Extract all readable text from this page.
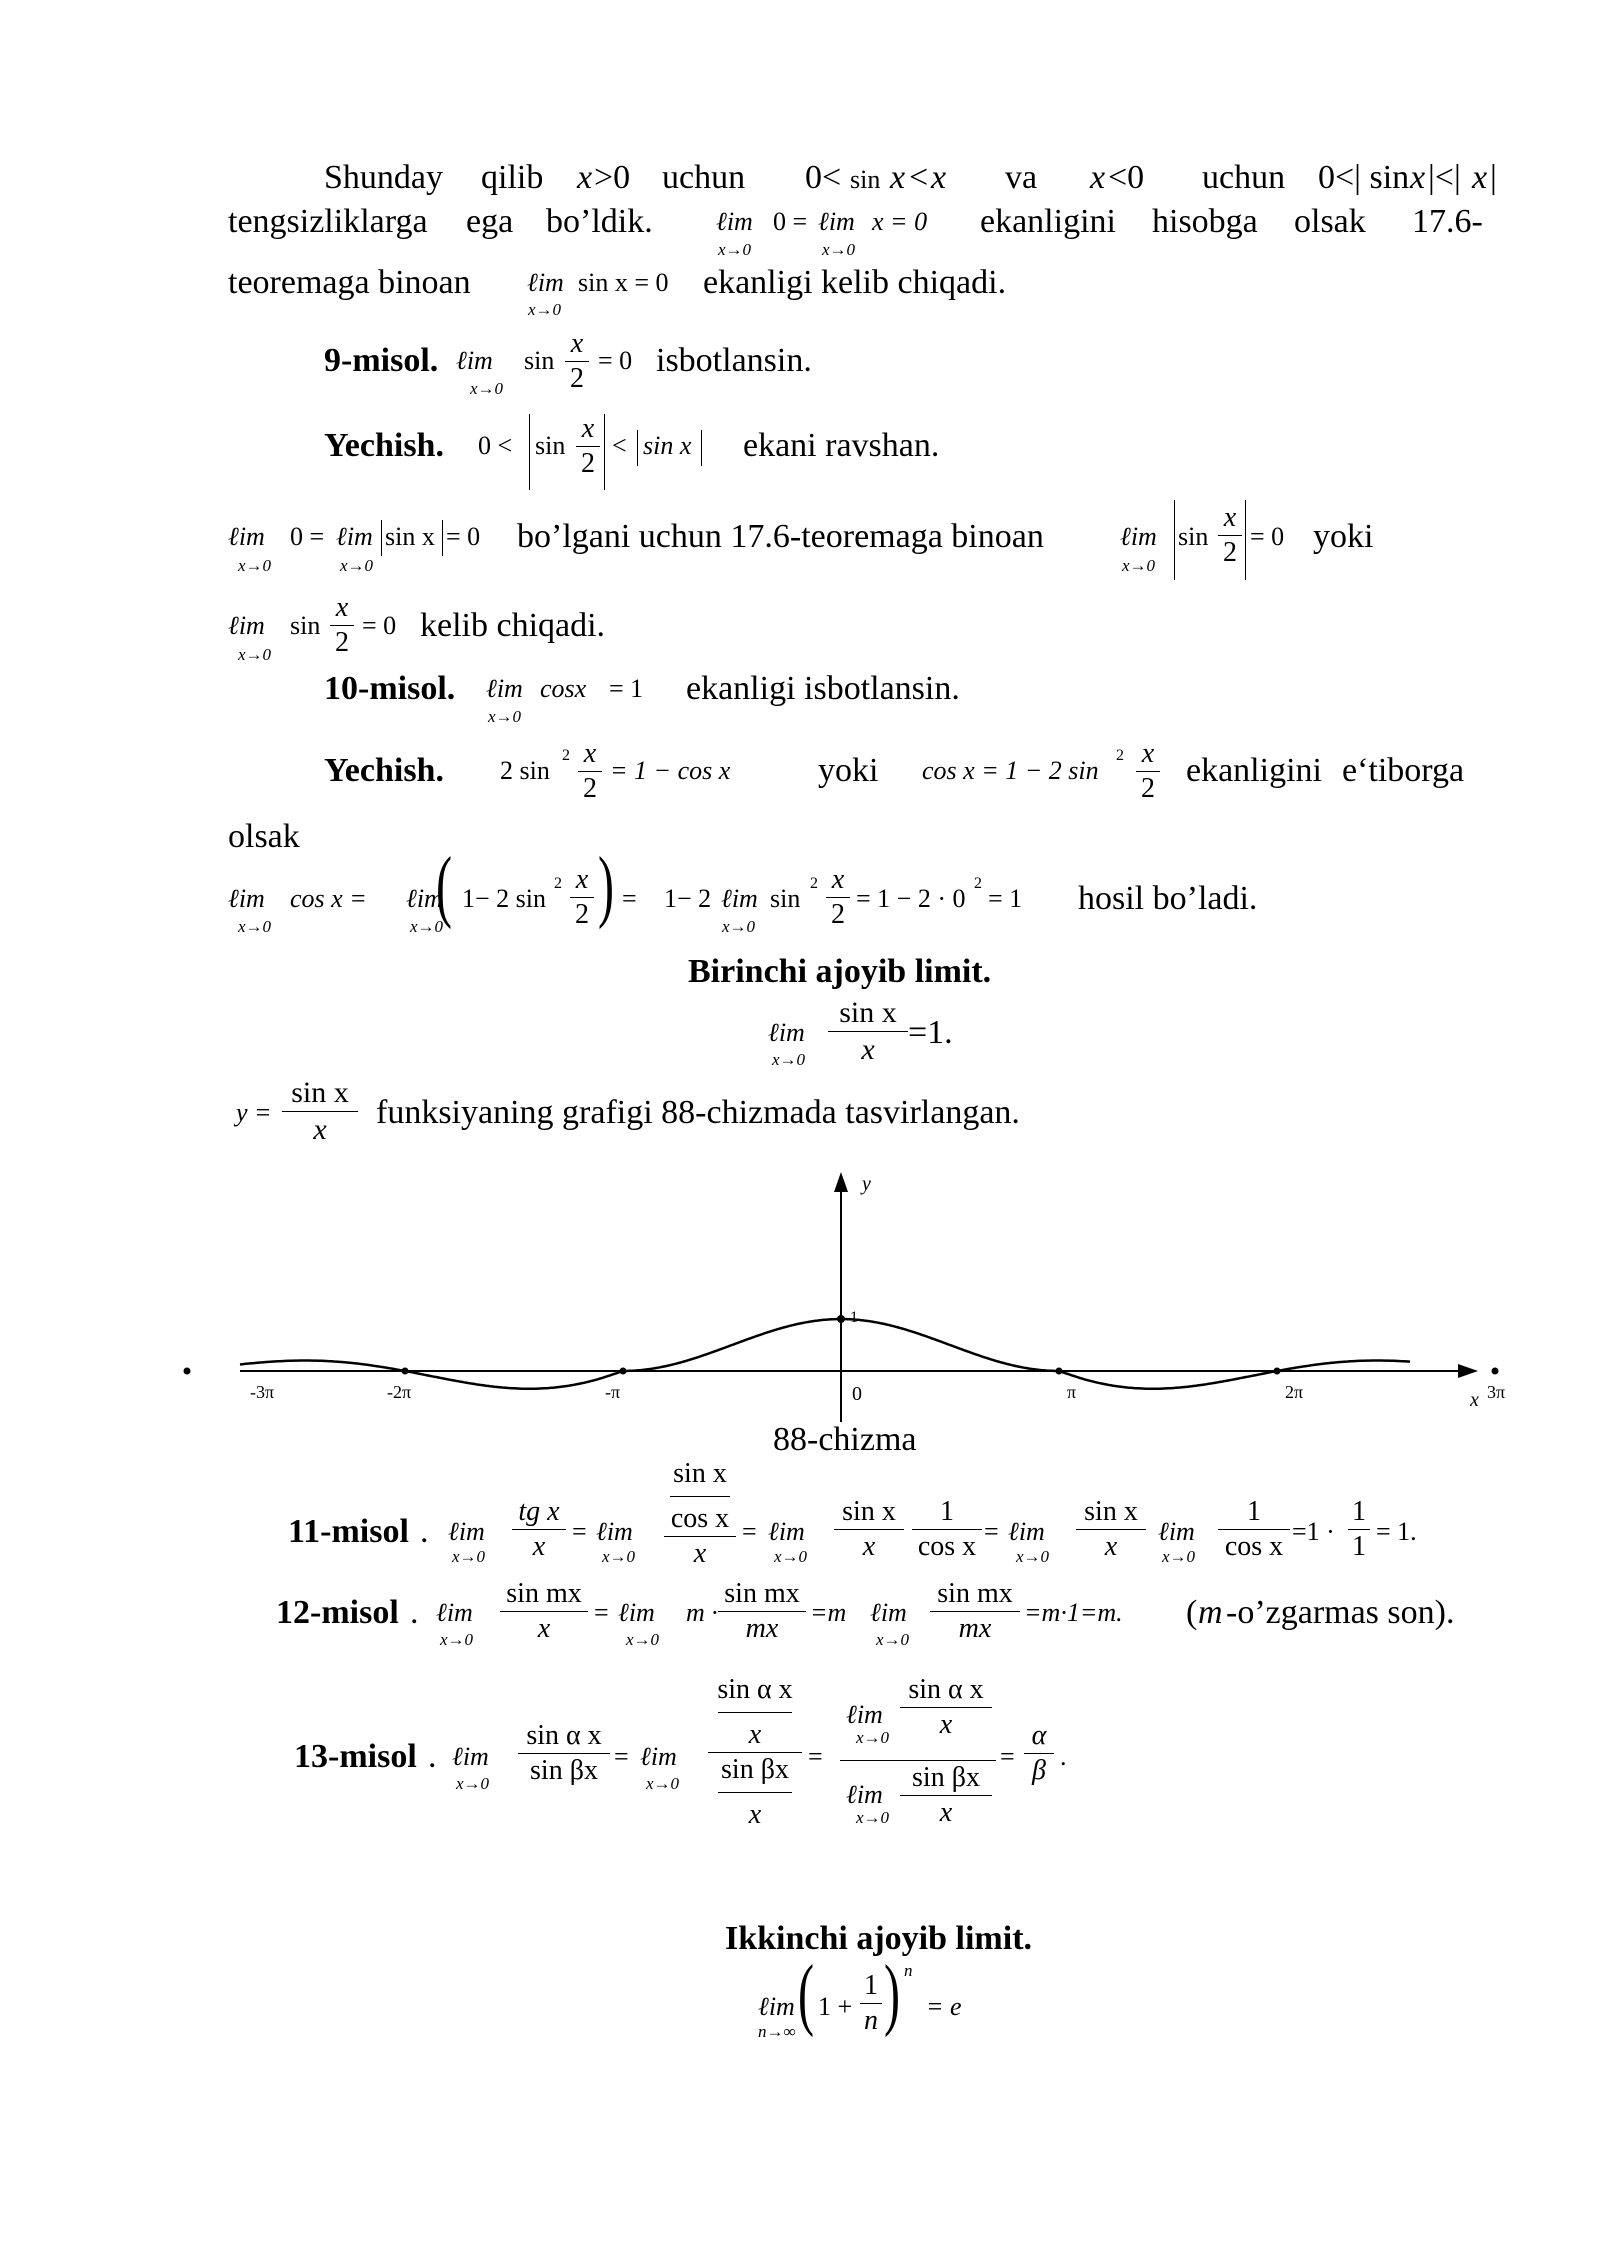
Shunday qilib x >0 uchun 0< sin x < x va x <0 uchun 0<| sin x |<| x |
tengsizliklarga ega bo’ldik. ℓim
x→0
0 = ℓim
x→0
x = 0 ekanligini hisobga olsak 17.6-
teoremaga binoan ℓim
x→0
sin x = 0 ekanligi kelib chiqadi.
9-misol. ℓim
x→0
sin
x
2
= 0 isbotlansin.
Yechish. 0 < sin
x
2
< sin x ekani ravshan.
ℓim
x→0
0 = ℓim
x→0
sin x = 0 bo’lgani uchun 17.6-teoremaga binoan	ℓim
x→0
sin
x
2
= 0 yoki
ℓim
x→0
sin
x
2
= 0 kelib chiqadi.
10-misol. ℓim
x→0
cosx = 1 ekanligi isbotlansin.
Yechish. 2 sin
2 x
2
= 1 − cos x	yoki cos x = 1 − 2 sin
2 x
2 ekanligini e‘tiborga
olsak
ℓim
x→0
cos x = ℓim
x→0
( 1− 2 sin
2 x
2 ) = 1− 2 ℓim
x→0
sin
2 x
2
= 1 − 2 · 0
2
= 1 hosil bo’ladi.
Birinchi ajoyib limit.
ℓim
x→0
sin x
x =1.
y =
sin x
x	funksiyaning grafigi 88-chizmada tasvirlangan.
y
x
1
0
-3π	-2π	-π	π	2π	3π
88-chizma
11-misol . ℓim
x→0
tg x
x	= ℓim
x→0
sin x
cos x
x
= ℓim
x→0
sin x
x
1
cos x = ℓim
x→0
sin x
x	ℓim
x→0
1
cos x =1 ·
1
1 = 1.
12-misol . ℓim
x→0
sin mx
x
= ℓim
x→0
m ·
sin mx
mx
=m ℓim
x→0
sin mx
mx
=m·1=m. ( m -o’zgarmas son).
13-misol . ℓim
x→0
sin α x
sin βx = ℓim
x→0
sin α x
x
sin βx
x
=
ℓim
x→0
sin α x
x
ℓim
x→0
sin βx
x
=
α
β .
Ikkinchi ajoyib limit.
ℓim
n→∞ ( 1 +
1
n ) n
= e
